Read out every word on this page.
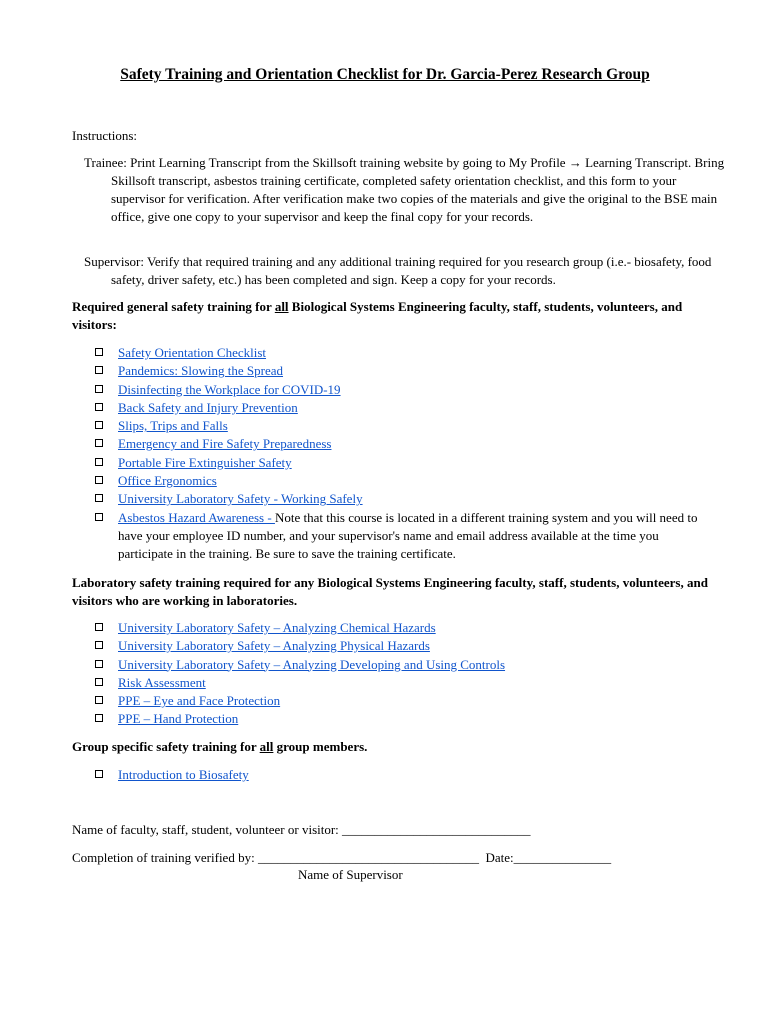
Safety Training and Orientation Checklist for Dr. Garcia-Perez Research Group
Instructions:
Trainee: Print Learning Transcript from the Skillsoft training website by going to My Profile → Learning Transcript. Bring Skillsoft transcript, asbestos training certificate, completed safety orientation checklist, and this form to your supervisor for verification. After verification make two copies of the materials and give the original to the BSE main office, give one copy to your supervisor and keep the final copy for your records.
Supervisor: Verify that required training and any additional training required for you research group (i.e.- biosafety, food safety, driver safety, etc.) has been completed and sign. Keep a copy for your records.
Required general safety training for all Biological Systems Engineering faculty, staff, students, volunteers, and visitors:
Safety Orientation Checklist
Pandemics: Slowing the Spread
Disinfecting the Workplace for COVID-19
Back Safety and Injury Prevention
Slips, Trips and Falls
Emergency and Fire Safety Preparedness
Portable Fire Extinguisher Safety
Office Ergonomics
University Laboratory Safety - Working Safely
Asbestos Hazard Awareness - Note that this course is located in a different training system and you will need to have your employee ID number, and your supervisor's name and email address available at the time you participate in the training. Be sure to save the training certificate.
Laboratory safety training required for any Biological Systems Engineering faculty, staff, students, volunteers, and visitors who are working in laboratories.
University Laboratory Safety – Analyzing Chemical Hazards
University Laboratory Safety – Analyzing Physical Hazards
University Laboratory Safety – Analyzing Developing and Using Controls
Risk Assessment
PPE – Eye and Face Protection
PPE – Hand Protection
Group specific safety training for all group members.
Introduction to Biosafety
Name of faculty, staff, student, volunteer or visitor: _____________________________
Completion of training verified by: __________________________________ Date:_______________
Name of Supervisor
